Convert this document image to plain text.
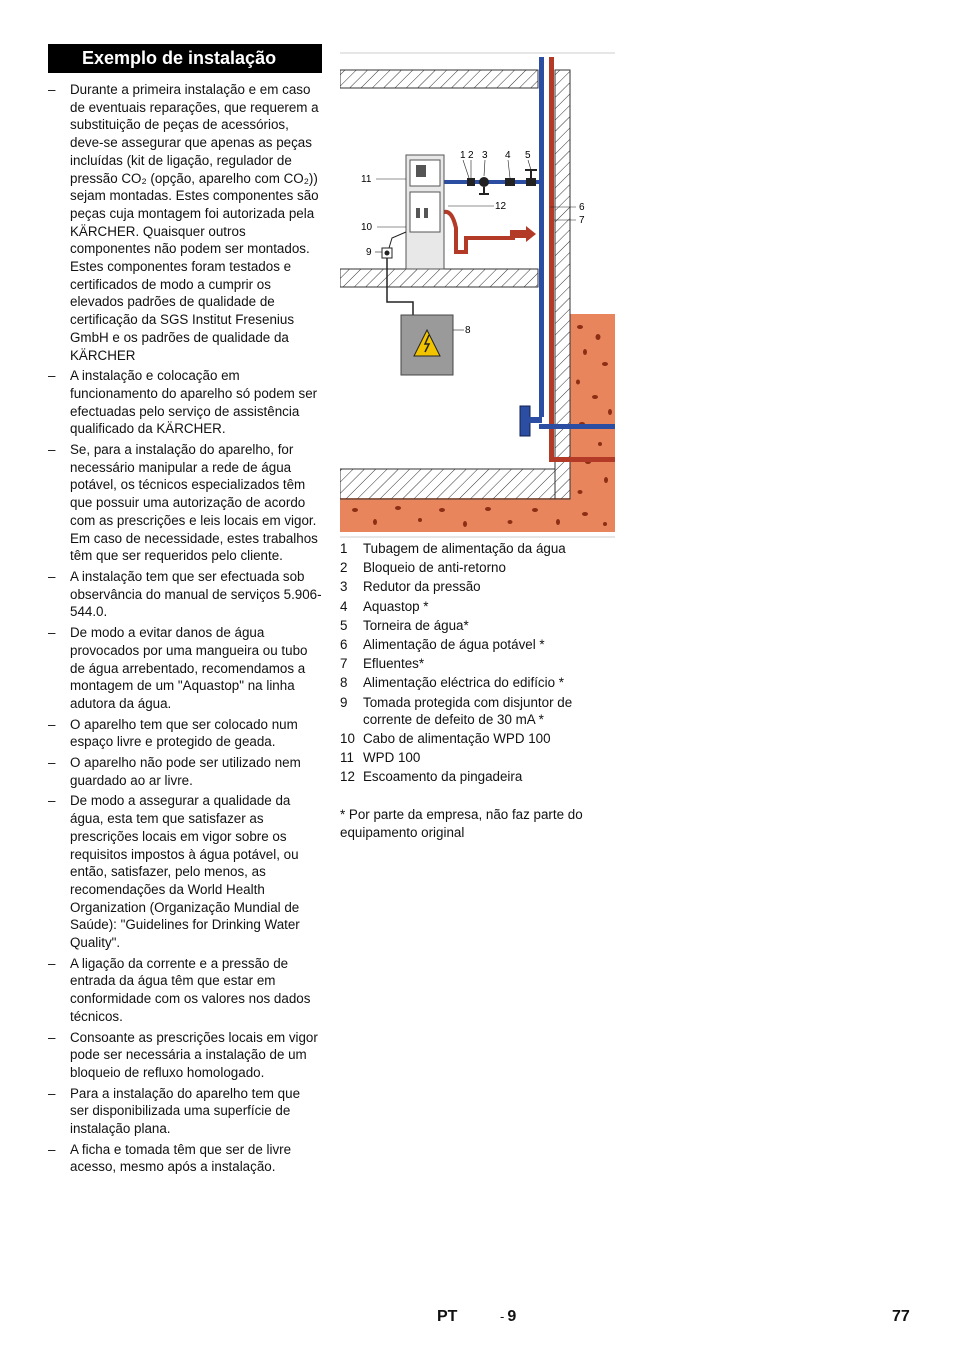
Exemplo de instalação
– Durante a primeira instalação e em caso de eventuais reparações, que requerem a substituição de peças de acessórios, deve-se assegurar que apenas as peças incluídas (kit de ligação, regulador de pressão CO₂ (opção, aparelho com CO₂)) sejam montadas. Estes componentes são peças cuja montagem foi autorizada pela KÄRCHER. Quaisquer outros componentes não podem ser montados. Estes componentes foram testados e certificados de modo a cumprir os elevados padrões de qualidade de certificação da SGS Institut Fresenius GmbH e os padrões de qualidade da KÄRCHER
– A instalação e colocação em funcionamento do aparelho só podem ser efectuadas pelo serviço de assistência qualificado da KÄRCHER.
– Se, para a instalação do aparelho, for necessário manipular a rede de água potável, os técnicos especializados têm que possuir uma autorização de acordo com as prescrições e leis locais em vigor. Em caso de necessidade, estes trabalhos têm que ser requeridos pelo cliente.
– A instalação tem que ser efectuada sob observância do manual de serviços 5.906-544.0.
– De modo a evitar danos de água provocados por uma mangueira ou tubo de água arrebentado, recomendamos a montagem de um "Aquastop" na linha adutora da água.
– O aparelho tem que ser colocado num espaço livre e protegido de geada.
– O aparelho não pode ser utilizado nem guardado ao ar livre.
– De modo a assegurar a qualidade da água, esta tem que satisfazer as prescrições locais em vigor sobre os requisitos impostos à água potável, ou então, satisfazer, pelo menos, as recomendações da World Health Organization (Organização Mundial de Saúde): "Guidelines for Drinking Water Quality".
– A ligação da corrente e a pressão de entrada da água têm que estar em conformidade com os valores nos dados técnicos.
– Consoante as prescrições locais em vigor pode ser necessária a instalação de um bloqueio de refluxo homologado.
– Para a instalação do aparelho tem que ser disponibilizada uma superfície de instalação plana.
– A ficha e tomada têm que ser de livre acesso, mesmo após a instalação.
1 2 3 4 5
6
7
8
9
10
11
12
1	Tubagem de alimentação da água
2	Bloqueio de anti-retorno
3	Redutor da pressão
4	Aquastop *
5	Torneira de água*
6	Alimentação de água potável *
7	Efluentes*
8	Alimentação eléctrica do edifício *
9	Tomada protegida com disjuntor de corrente de defeito de 30 mA *
10 Cabo de alimentação WPD 100
11 WPD 100
12 Escoamento da pingadeira
* Por parte da empresa, não faz parte do equipamento original
PT	- 9	77
